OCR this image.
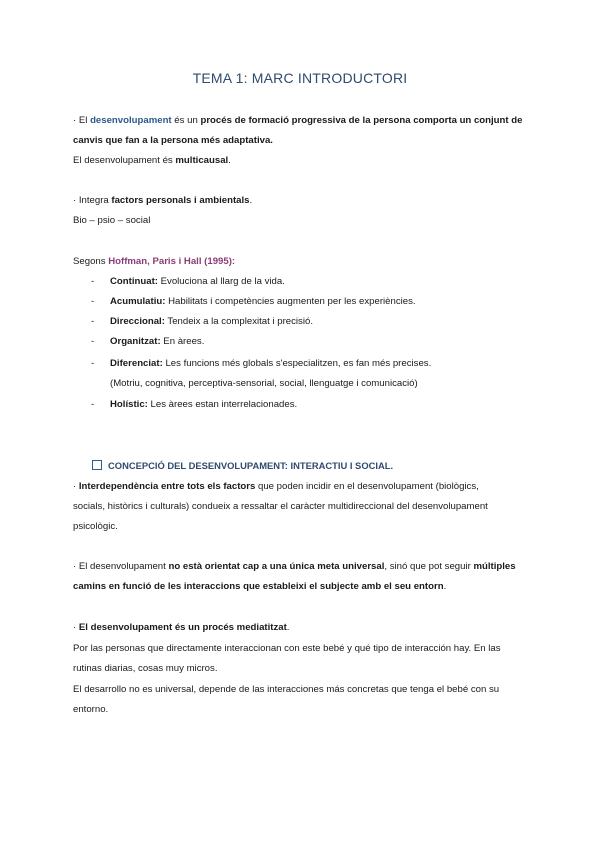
TEMA 1: MARC INTRODUCTORI
· El desenvolupament és un procés de formació progressiva de la persona comporta un conjunt de
canvis que fan a la persona més adaptativa.
El desenvolupament és multicausal.
· Integra factors personals i ambientals.
Bio – psio – social
Segons Hoffman, Paris i Hall (1995):
- Continuat: Evoluciona al llarg de la vida.
- Acumulatiu: Habilitats i competències augmenten per les experiències.
- Direccional: Tendeix a la complexitat i precisió.
- Organitzat: En àrees.
- Diferenciat: Les funcions més globals s'especialitzen, es fan més precises.
(Motriu, cognitiva, perceptiva-sensorial, social, llenguatge i comunicació)
- Holístic: Les àrees estan interrelacionades.
CONCEPCIÓ DEL DESENVOLUPAMENT: INTERACTIU I SOCIAL.
· Interdependència entre tots els factors que poden incidir en el desenvolupament (biològics,
socials, històrics i culturals) condueix a ressaltar el caràcter multidireccional del desenvolupament
psicològic.
· El desenvolupament no està orientat cap a una única meta universal, sinó que pot seguir múltiples
camins en funció de les interaccions que estableixi el subjecte amb el seu entorn.
· El desenvolupament és un procés mediatitzat.
Por las personas que directamente interaccionan con este bebé y qué tipo de interacción hay. En las
rutinas diarias, cosas muy micros.
El desarrollo no es universal, depende de las interacciones más concretas que tenga el bebé con su
entorno.
